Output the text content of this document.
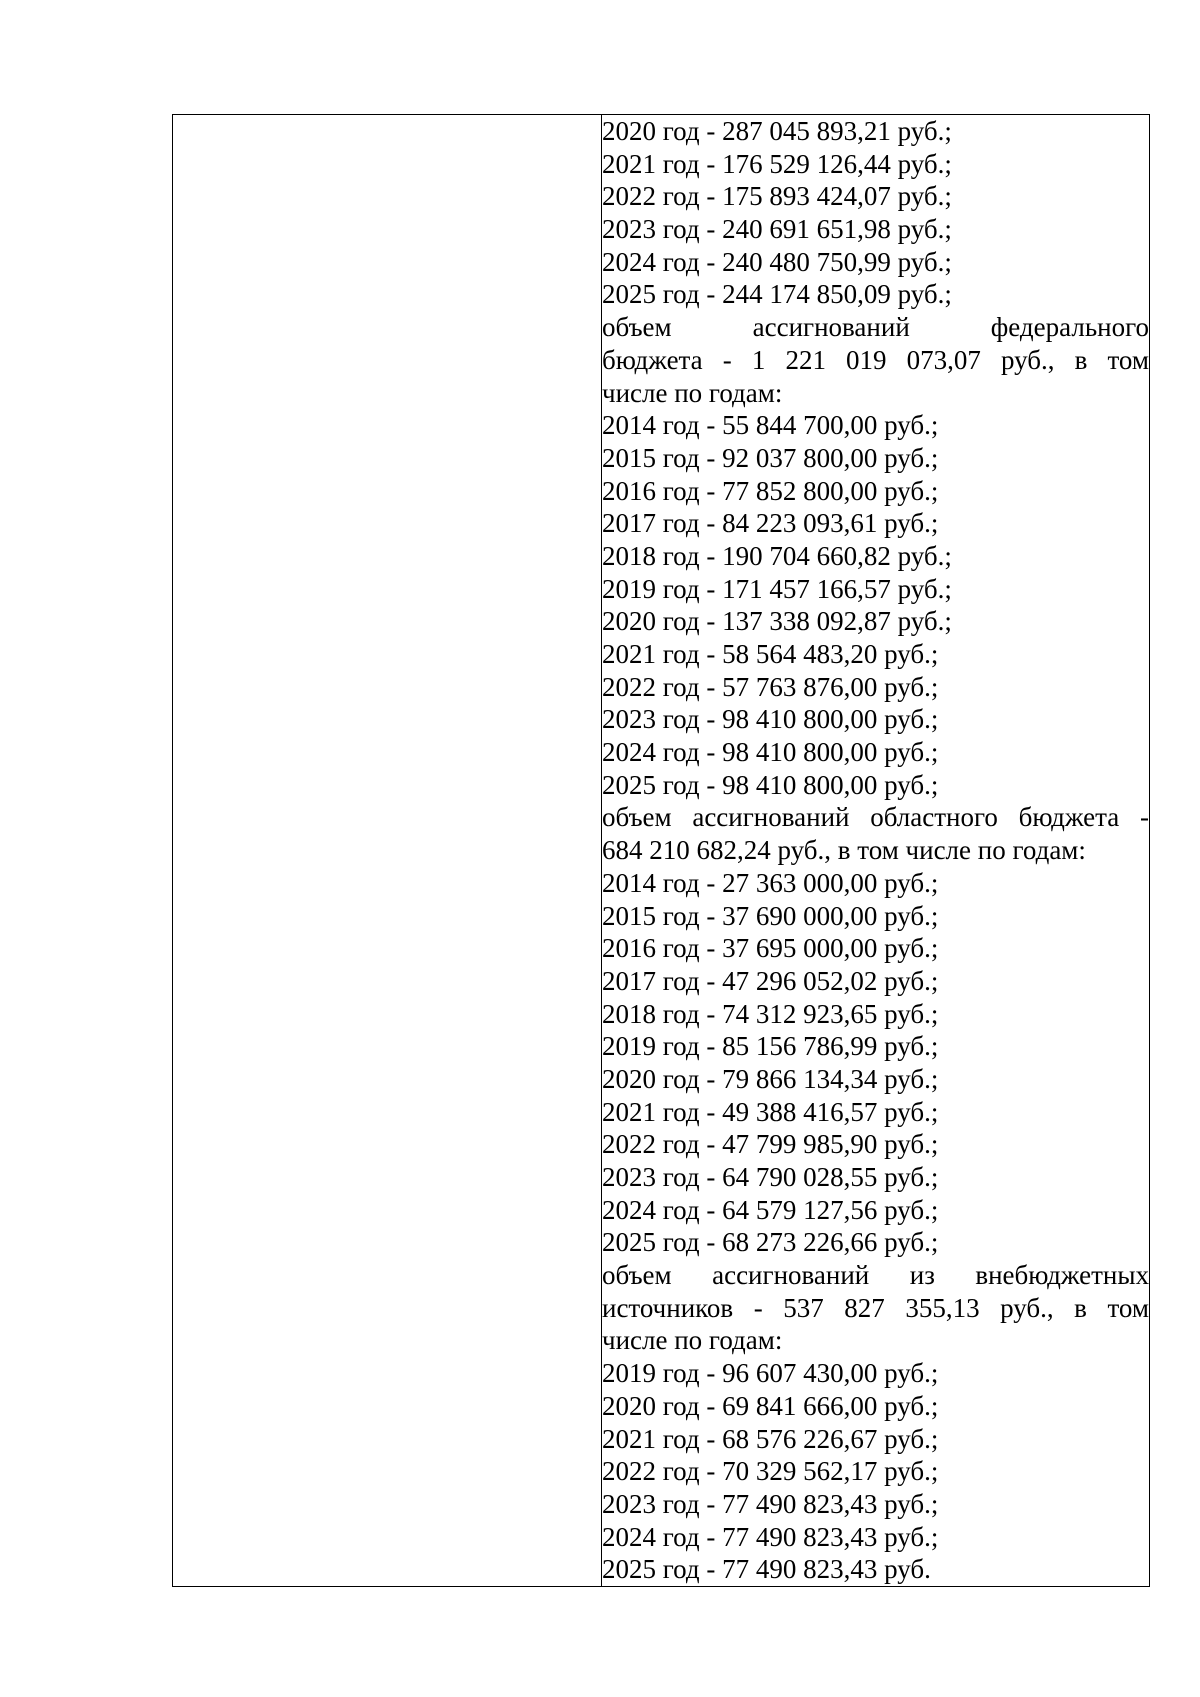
2020 год - 287 045 893,21 руб.;
2021 год - 176 529 126,44 руб.;
2022 год - 175 893 424,07 руб.;
2023 год - 240 691 651,98 руб.;
2024 год - 240 480 750,99 руб.;
2025 год - 244 174 850,09 руб.;
объем ассигнований федерального
бюджета - 1 221 019 073,07 руб., в том
числе по годам:
2014 год - 55 844 700,00 руб.;
2015 год - 92 037 800,00 руб.;
2016 год - 77 852 800,00 руб.;
2017 год - 84 223 093,61 руб.;
2018 год - 190 704 660,82 руб.;
2019 год - 171 457 166,57 руб.;
2020 год - 137 338 092,87 руб.;
2021 год - 58 564 483,20 руб.;
2022 год - 57 763 876,00 руб.;
2023 год - 98 410 800,00 руб.;
2024 год - 98 410 800,00 руб.;
2025 год - 98 410 800,00 руб.;
объем ассигнований областного бюджета -
684 210 682,24 руб., в том числе по годам:
2014 год - 27 363 000,00 руб.;
2015 год - 37 690 000,00 руб.;
2016 год - 37 695 000,00 руб.;
2017 год - 47 296 052,02 руб.;
2018 год - 74 312 923,65 руб.;
2019 год - 85 156 786,99 руб.;
2020 год - 79 866 134,34 руб.;
2021 год - 49 388 416,57 руб.;
2022 год - 47 799 985,90 руб.;
2023 год - 64 790 028,55 руб.;
2024 год - 64 579 127,56 руб.;
2025 год - 68 273 226,66 руб.;
объем ассигнований из внебюджетных
источников - 537 827 355,13 руб., в том
числе по годам:
2019 год - 96 607 430,00 руб.;
2020 год - 69 841 666,00 руб.;
2021 год - 68 576 226,67 руб.;
2022 год - 70 329 562,17 руб.;
2023 год - 77 490 823,43 руб.;
2024 год - 77 490 823,43 руб.;
2025 год - 77 490 823,43 руб.
